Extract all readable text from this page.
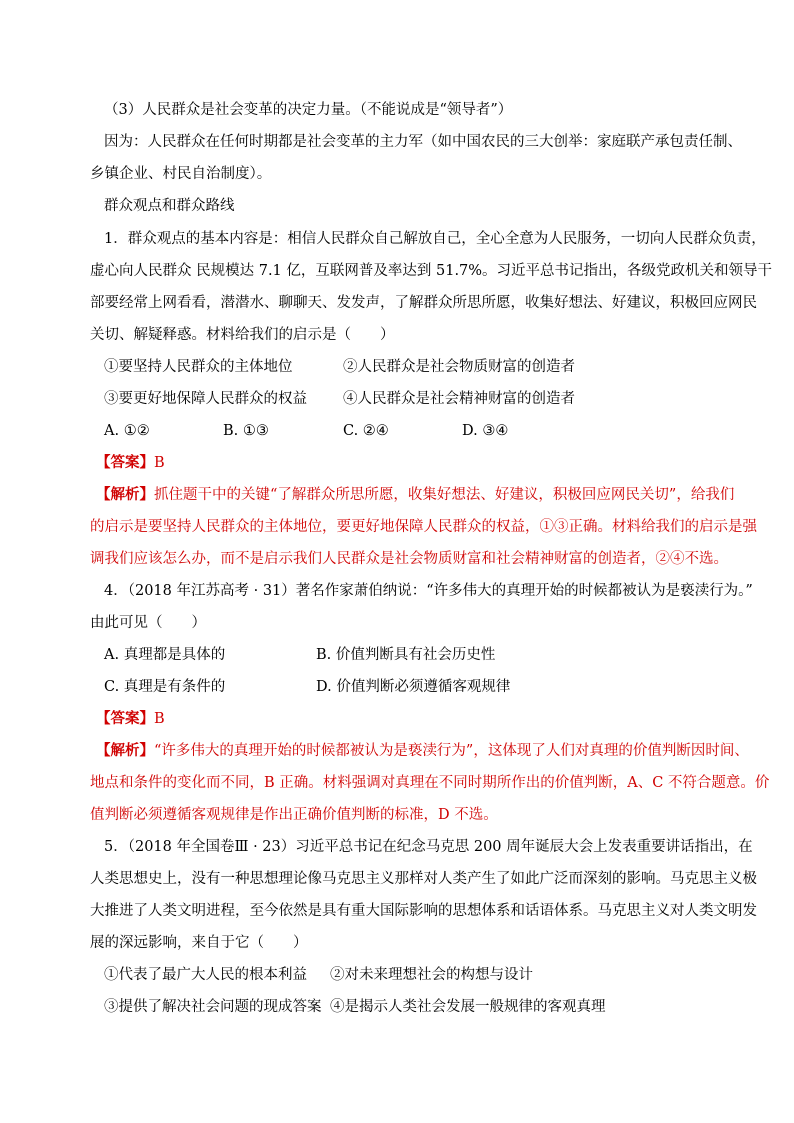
（3）人民群众是社会变革的决定力量。（不能说成是“领导者”）
因为：人民群众在任何时期都是社会变革的主力军（如中国农民的三大创举：家庭联产承包责任制、
乡镇企业、村民自治制度）。
群众观点和群众路线
1．群众观点的基本内容是：相信人民群众自己解放自己，全心全意为人民服务，一切向人民群众负责，
虚心向人民群众 民规模达 7.1 亿，互联网普及率达到 51.7%。习近平总书记指出，各级党政机关和领导干
部要经常上网看看，潜潜水、聊聊天、发发声，了解群众所思所愿，收集好想法、好建议，积极回应网民
关切、解疑释惑。材料给我们的启示是（　　）
①要坚持人民群众的主体地位	②人民群众是社会物质财富的创造者
③要更好地保障人民群众的权益 ④人民群众是社会精神财富的创造者
A. ①②	B. ①③	C. ②④	D. ③④
【答案】B
【解析】抓住题干中的关键“了解群众所思所愿，收集好想法、好建议，积极回应网民关切”，给我们
的启示是要坚持人民群众的主体地位，要更好地保障人民群众的权益，①③正确。材料给我们的启示是强
调我们应该怎么办，而不是启示我们人民群众是社会物质财富和社会精神财富的创造者，②④不选。
4．（2018 年江苏高考 · 31）著名作家萧伯纳说：“许多伟大的真理开始的时候都被认为是亵渎行为。”
由此可见（　　）
A. 真理都是具体的	B. 价值判断具有社会历史性
C. 真理是有条件的	D. 价值判断必须遵循客观规律
【答案】B
【解析】“许多伟大的真理开始的时候都被认为是亵渎行为”，这体现了人们对真理的价值判断因时间、
地点和条件的变化而不同，B 正确。材料强调对真理在不同时期所作出的价值判断，A、C 不符合题意。价
值判断必须遵循客观规律是作出正确价值判断的标准，D 不选。
5．（2018 年全国卷Ⅲ · 23）习近平总书记在纪念马克思 200 周年诞辰大会上发表重要讲话指出，在
人类思想史上，没有一种思想理论像马克思主义那样对人类产生了如此广泛而深刻的影响。马克思主义极
大推进了人类文明进程，至今依然是具有重大国际影响的思想体系和话语体系。马克思主义对人类文明发
展的深远影响，来自于它（　　）
①代表了最广大人民的根本利益 ②对未来理想社会的构想与设计
③提供了解决社会问题的现成答案 ④是揭示人类社会发展一般规律的客观真理
